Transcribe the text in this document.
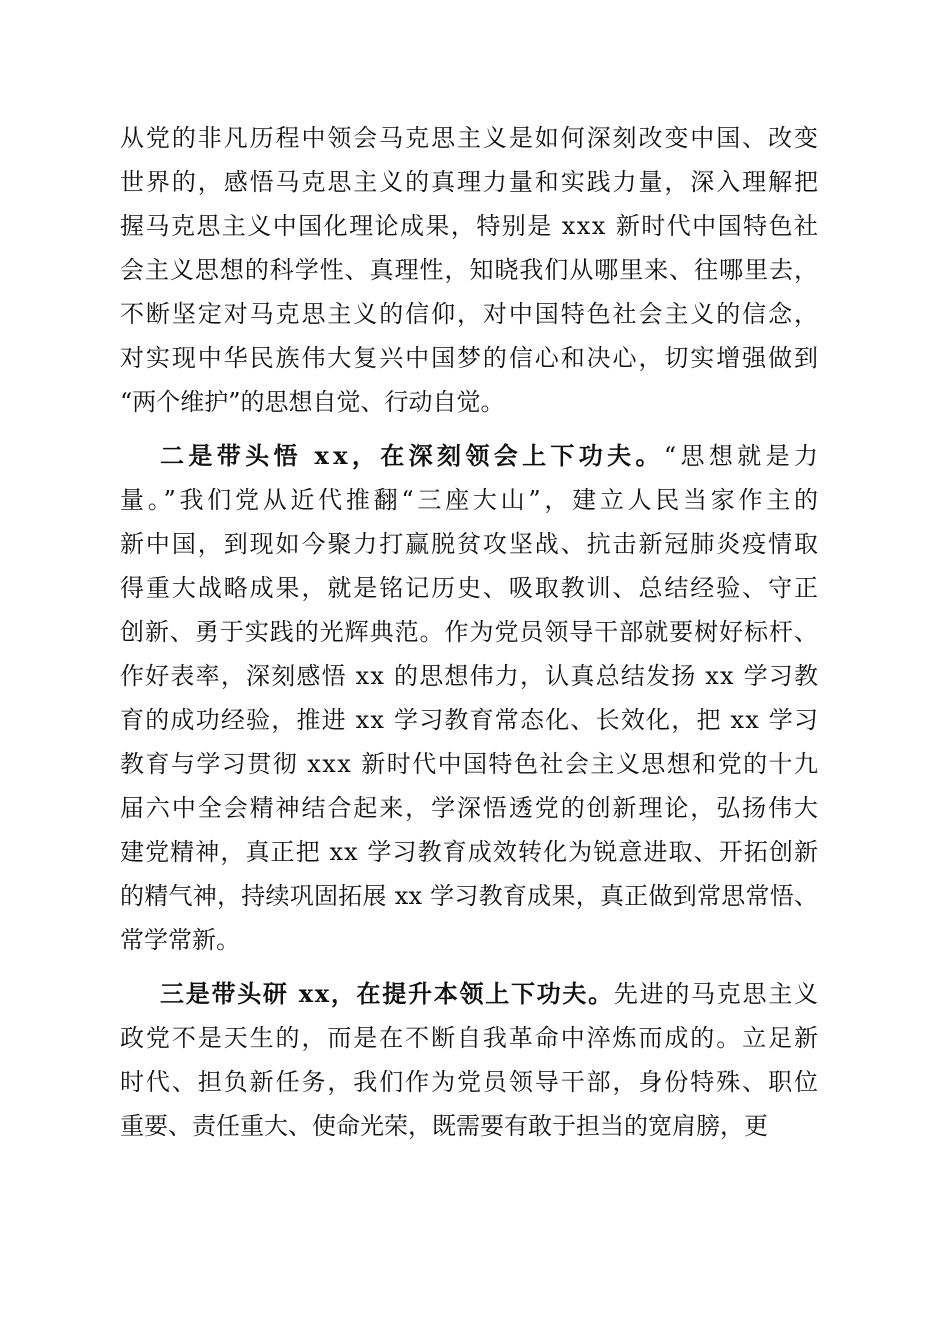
从党的非凡历程中领会马克思主义是如何深刻改变中国、改变
世界的，感悟马克思主义的真理力量和实践力量，深入理解把
握马克思主义中国化理论成果，特别是 xxx 新时代中国特色社
会主义思想的科学性、真理性，知晓我们从哪里来、往哪里去，
不断坚定对马克思主义的信仰，对中国特色社会主义的信念，
对实现中华民族伟大复兴中国梦的信心和决心，切实增强做到
“两个维护”的思想自觉、行动自觉。
二是带头悟 xx，在深刻领会上下功夫。 “思想就是力
量。”我们党从近代推翻“三座大山”，建立人民当家作主的
新中国，到现如今聚力打赢脱贫攻坚战、抗击新冠肺炎疫情取
得重大战略成果，就是铭记历史、吸取教训、总结经验、守正
创新、勇于实践的光辉典范。作为党员领导干部就要树好标杆、
作好表率，深刻感悟 xx 的思想伟力，认真总结发扬 xx 学习教
育的成功经验，推进 xx 学习教育常态化、长效化，把 xx 学习
教育与学习贯彻 xxx 新时代中国特色社会主义思想和党的十九
届六中全会精神结合起来，学深悟透党的创新理论，弘扬伟大
建党精神，真正把 xx 学习教育成效转化为锐意进取、开拓创新
的精气神，持续巩固拓展 xx 学习教育成果，真正做到常思常悟、
常学常新。
三是带头研 xx，在提升本领上下功夫。 先进的马克思主义
政党不是天生的，而是在不断自我革命中淬炼而成的。立足新
时代、担负新任务，我们作为党员领导干部，身份特殊、职位
重要、责任重大、使命光荣，既需要有敢于担当的宽肩膀，更
